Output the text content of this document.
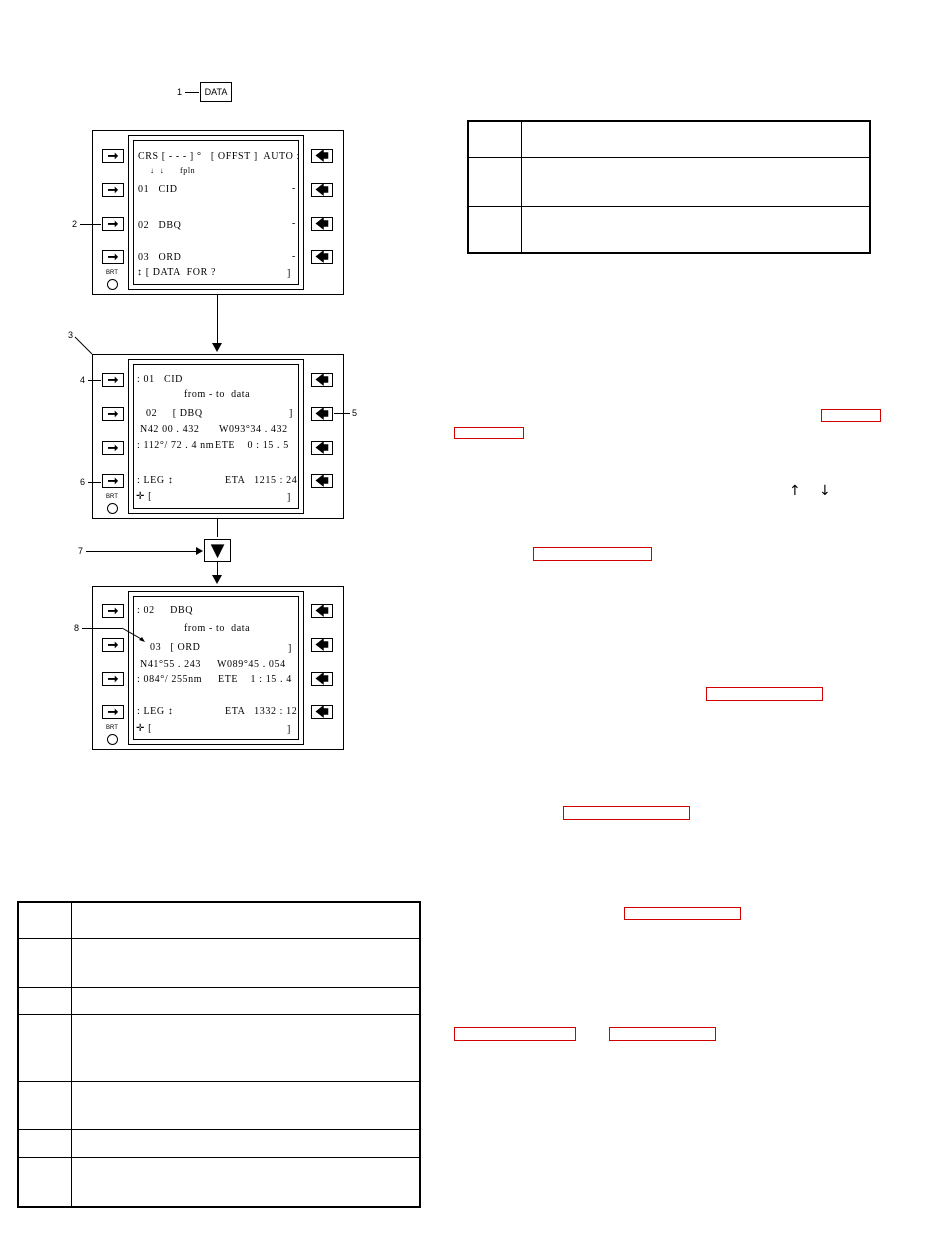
1	DATA

➞
➞
➞
➞
🡄
🡄
🡄
🡄
BRT
2
CRS [ - - - ] °   [ OFFST ]  AUTO :
↓  ↓      fpln
01   CID
02   DBQ
03   ORD
↕ [ DATA  FOR ?	]
-
-
-
➞
➞
➞
➞
🡄
🡄
🡄
🡄
BRT
3
4
5
6
: 01   CID
from - to  data
02     [ DBQ	]
N42 00 . 432 W093°34 . 432
: 112°/ 72 . 4 nm ETE    0 : 15 . 5
: LEG ↕	ETA   1215 : 24
✛ [	]
7	▼
➞
➞
➞
➞
🡄
🡄
🡄
🡄
BRT
8
: 02     DBQ
from - to  data
03   [ ORD	]
N41°55 . 243 W089°45 . 054
: 084°/ 255nm ETE    1 : 15 . 4
: LEG ↕	ETA   1332 : 12
✛ [	]

↑ ↓
